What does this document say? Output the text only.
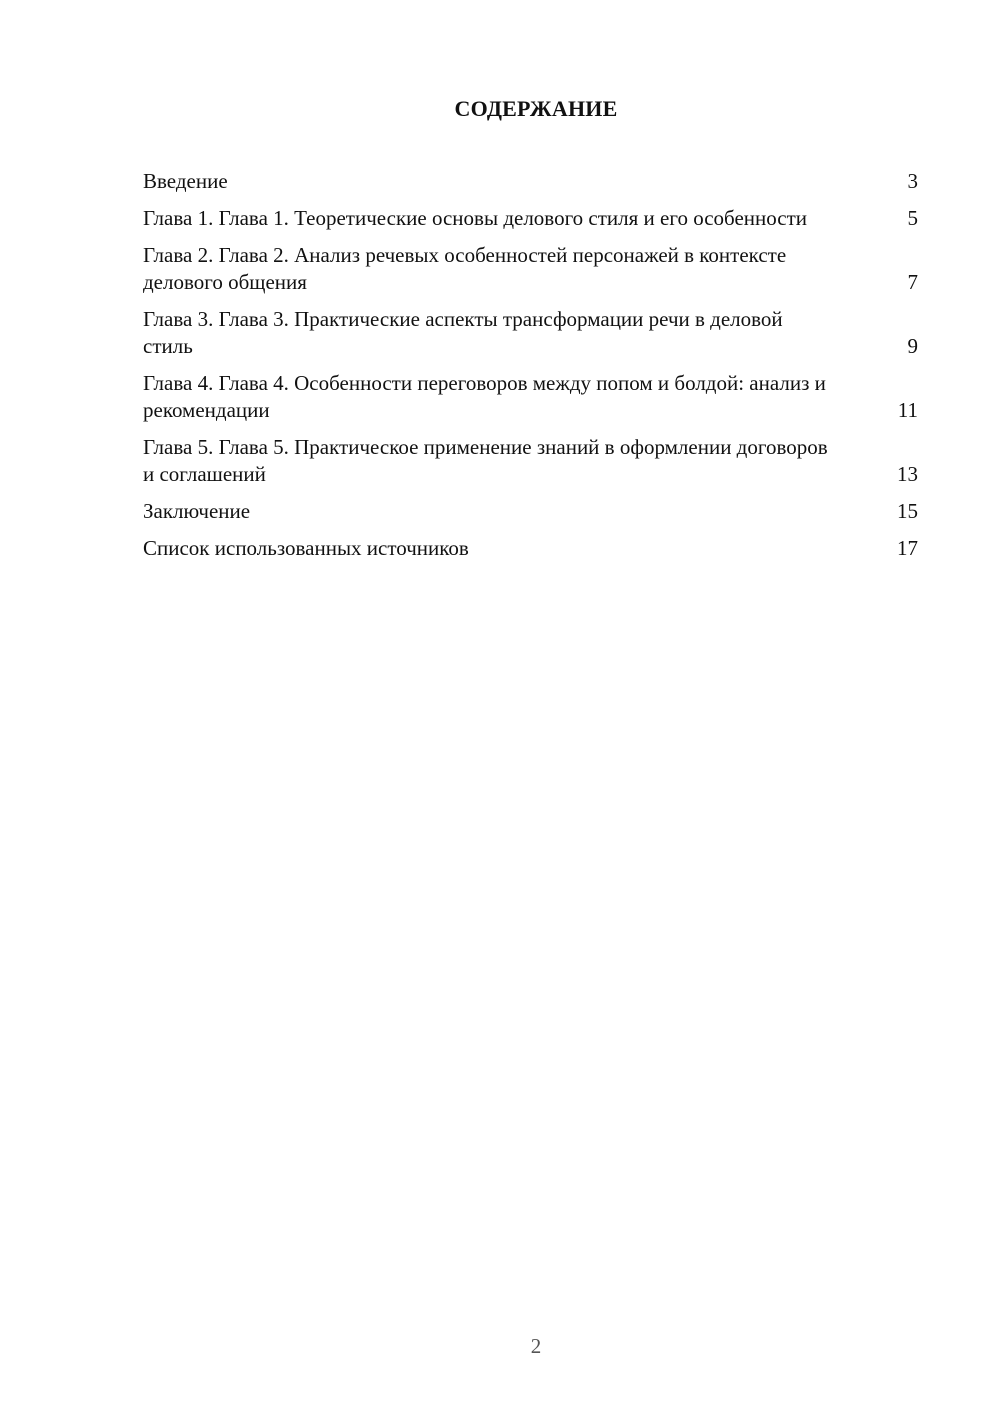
СОДЕРЖАНИЕ
Введение	3
Глава 1. Глава 1. Теоретические основы делового стиля и его особенности	5
Глава 2. Глава 2. Анализ речевых особенностей персонажей в контексте делового общения	7
Глава 3. Глава 3. Практические аспекты трансформации речи в деловой стиль	9
Глава 4. Глава 4. Особенности переговоров между попом и болдой: анализ и рекомендации	11
Глава 5. Глава 5. Практическое применение знаний в оформлении договоров и соглашений	13
Заключение	15
Список использованных источников	17
2
